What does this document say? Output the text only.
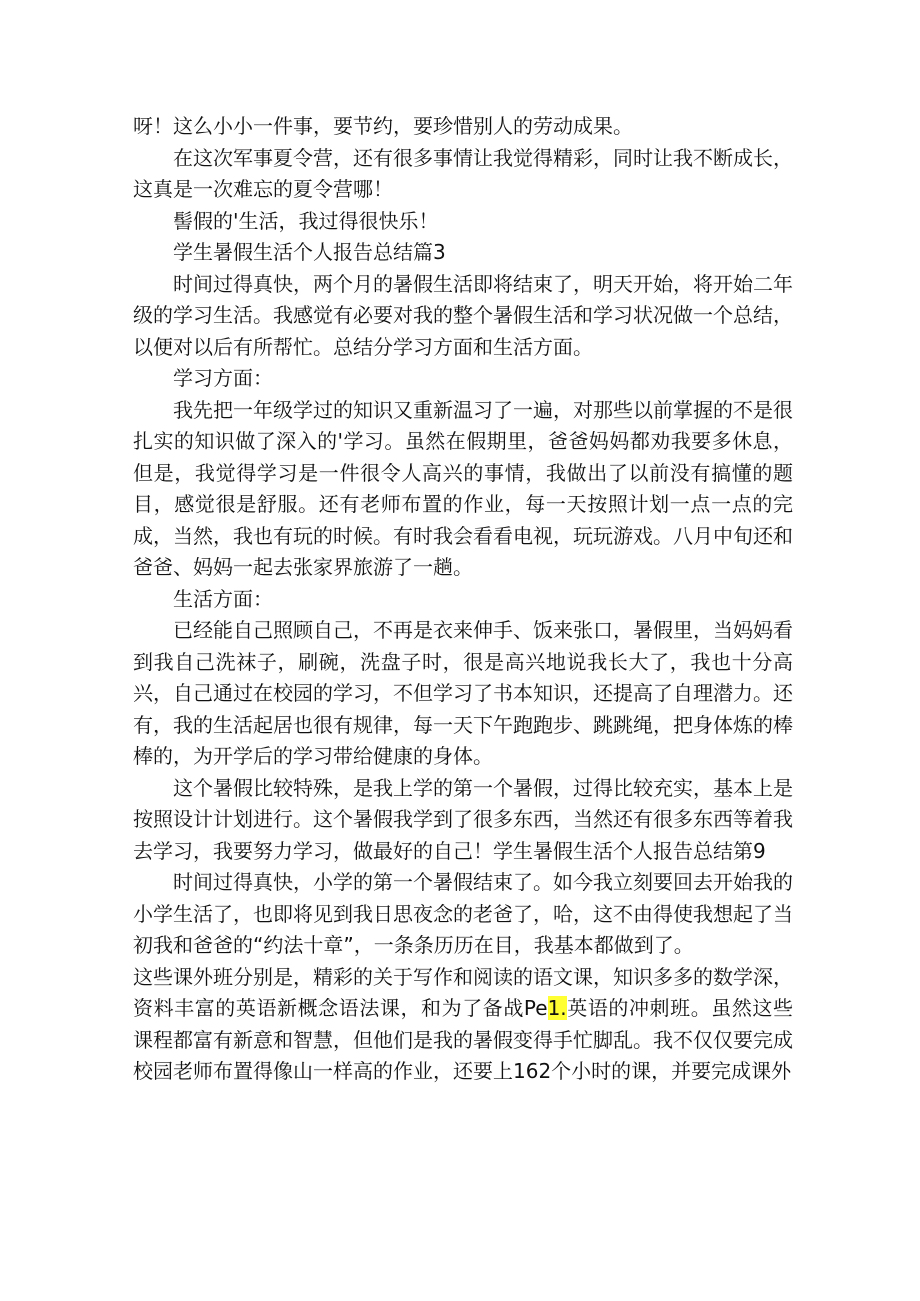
呀！这么小小一件事，要节约，要珍惜别人的劳动成果。

在这次军事夏令营，还有很多事情让我觉得精彩，同时让我不断成长，这真是一次难忘的夏令营哪！

髻假的'生活，我过得很快乐！

学生暑假生活个人报告总结篇3

时间过得真快，两个月的暑假生活即将结束了，明天开始，将开始二年级的学习生活。我感觉有必要对我的整个暑假生活和学习状况做一个总结，以便对以后有所帮忙。总结分学习方面和生活方面。

学习方面：

我先把一年级学过的知识又重新温习了一遍，对那些以前掌握的不是很扎实的知识做了深入的'学习。虽然在假期里，爸爸妈妈都劝我要多休息，但是，我觉得学习是一件很令人高兴的事情，我做出了以前没有搞懂的题目，感觉很是舒服。还有老师布置的作业，每一天按照计划一点一点的完成，当然，我也有玩的时候。有时我会看看电视，玩玩游戏。八月中旬还和爸爸、妈妈一起去张家界旅游了一趟。

生活方面：

已经能自己照顾自己，不再是衣来伸手、饭来张口，暑假里，当妈妈看到我自己洗袜子，刷碗，洗盘子时，很是高兴地说我长大了，我也十分高兴，自己通过在校园的学习，不但学习了书本知识，还提高了自理潜力。还有，我的生活起居也很有规律，每一天下午跑跑步、跳跳绳，把身体炼的棒棒的，为开学后的学习带给健康的身体。

这个暑假比较特殊，是我上学的第一个暑假，过得比较充实，基本上是按照设计计划进行。这个暑假我学到了很多东西，当然还有很多东西等着我去学习，我要努力学习，做最好的自己！学生暑假生活个人报告总结第9

时间过得真快，小学的第一个暑假结束了。如今我立刻要回去开始我的小学生活了，也即将见到我日思夜念的老爸了，哈，这不由得使我想起了当初我和爸爸的“约法十章”，一条条历历在目，我基本都做到了。

这些课外班分别是，精彩的关于写作和阅读的语文课，知识多多的数学深，资料丰富的英语新概念语法课，和为了备战Pe1.英语的冲刺班。虽然这些课程都富有新意和智慧，但他们是我的暑假变得手忙脚乱。我不仅仅要完成校园老师布置得像山一样高的作业，还要上162个小时的课，并要完成课外
